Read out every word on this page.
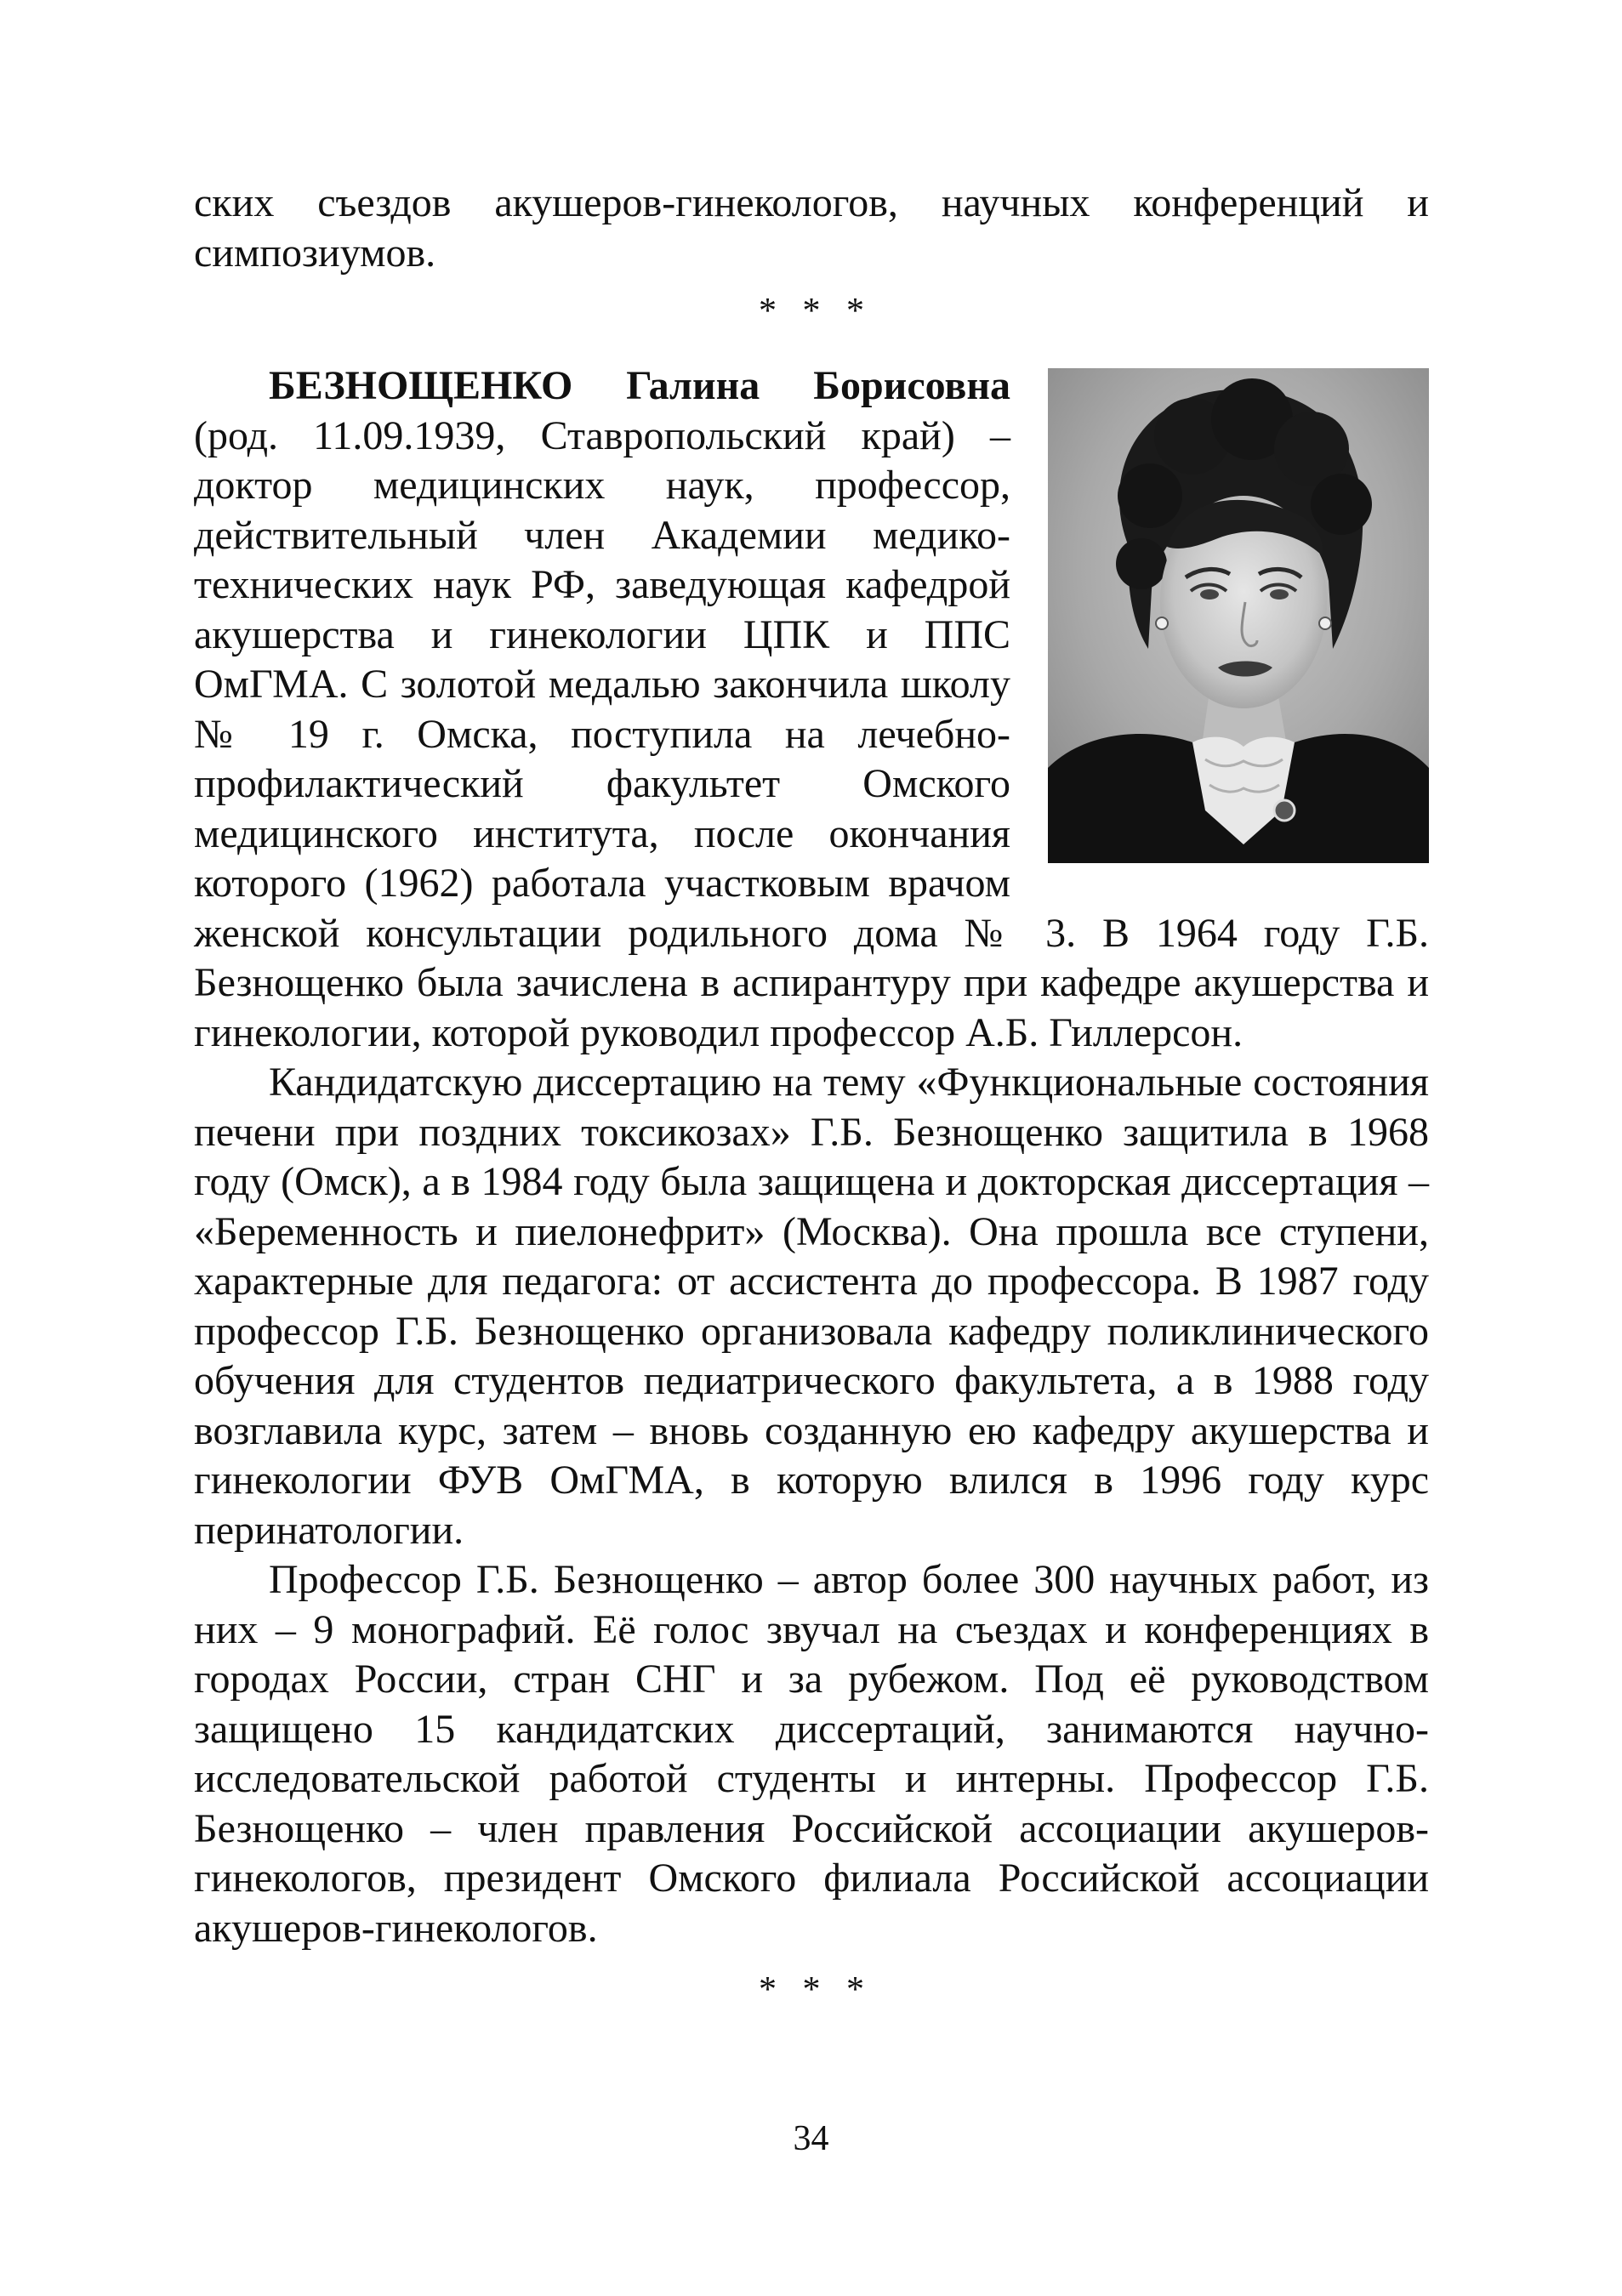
ских съездов акушеров-гинекологов, научных конференций и симпозиумов.

* * *

БЕЗНОЩЕНКО Галина Борисовна (род. 11.09.1939, Ставропольский край) – доктор медицинских наук, профессор, действительный член Академии медико-технических наук РФ, заведующая кафедрой акушерства и гинекологии ЦПК и ППС ОмГМА. С золотой медалью закончила школу № 19 г. Омска, поступила на лечебно-профилактический факультет Омского медицинского института, после окончания которого (1962) работала участковым врачом женской консультации родильного дома № 3. В 1964 году Г.Б. Безнощенко была зачислена в аспирантуру при кафедре акушерства и гинекологии, которой руководил профессор А.Б. Гиллерсон.

Кандидатскую диссертацию на тему «Функциональные состояния печени при поздних токсикозах» Г.Б. Безнощенко защитила в 1968 году (Омск), а в 1984 году была защищена и докторская диссертация – «Беременность и пиелонефрит» (Москва). Она прошла все ступени, характерные для педагога: от ассистента до профессора. В 1987 году профессор Г.Б. Безнощенко организовала кафедру поликлинического обучения для студентов педиатрического факультета, а в 1988 году возглавила курс, затем – вновь созданную ею кафедру акушерства и гинекологии ФУВ ОмГМА, в которую влился в 1996 году курс перинатологии.

Профессор Г.Б. Безнощенко – автор более 300 научных работ, из них – 9 монографий. Её голос звучал на съездах и конференциях в городах России, стран СНГ и за рубежом. Под её руководством защищено 15 кандидатских диссертаций, занимаются научно-исследовательской работой студенты и интерны. Профессор Г.Б. Безнощенко – член правления Российской ассоциации акушеров-гинекологов, президент Омского филиала Российской ассоциации акушеров-гинекологов.

* * *
34
